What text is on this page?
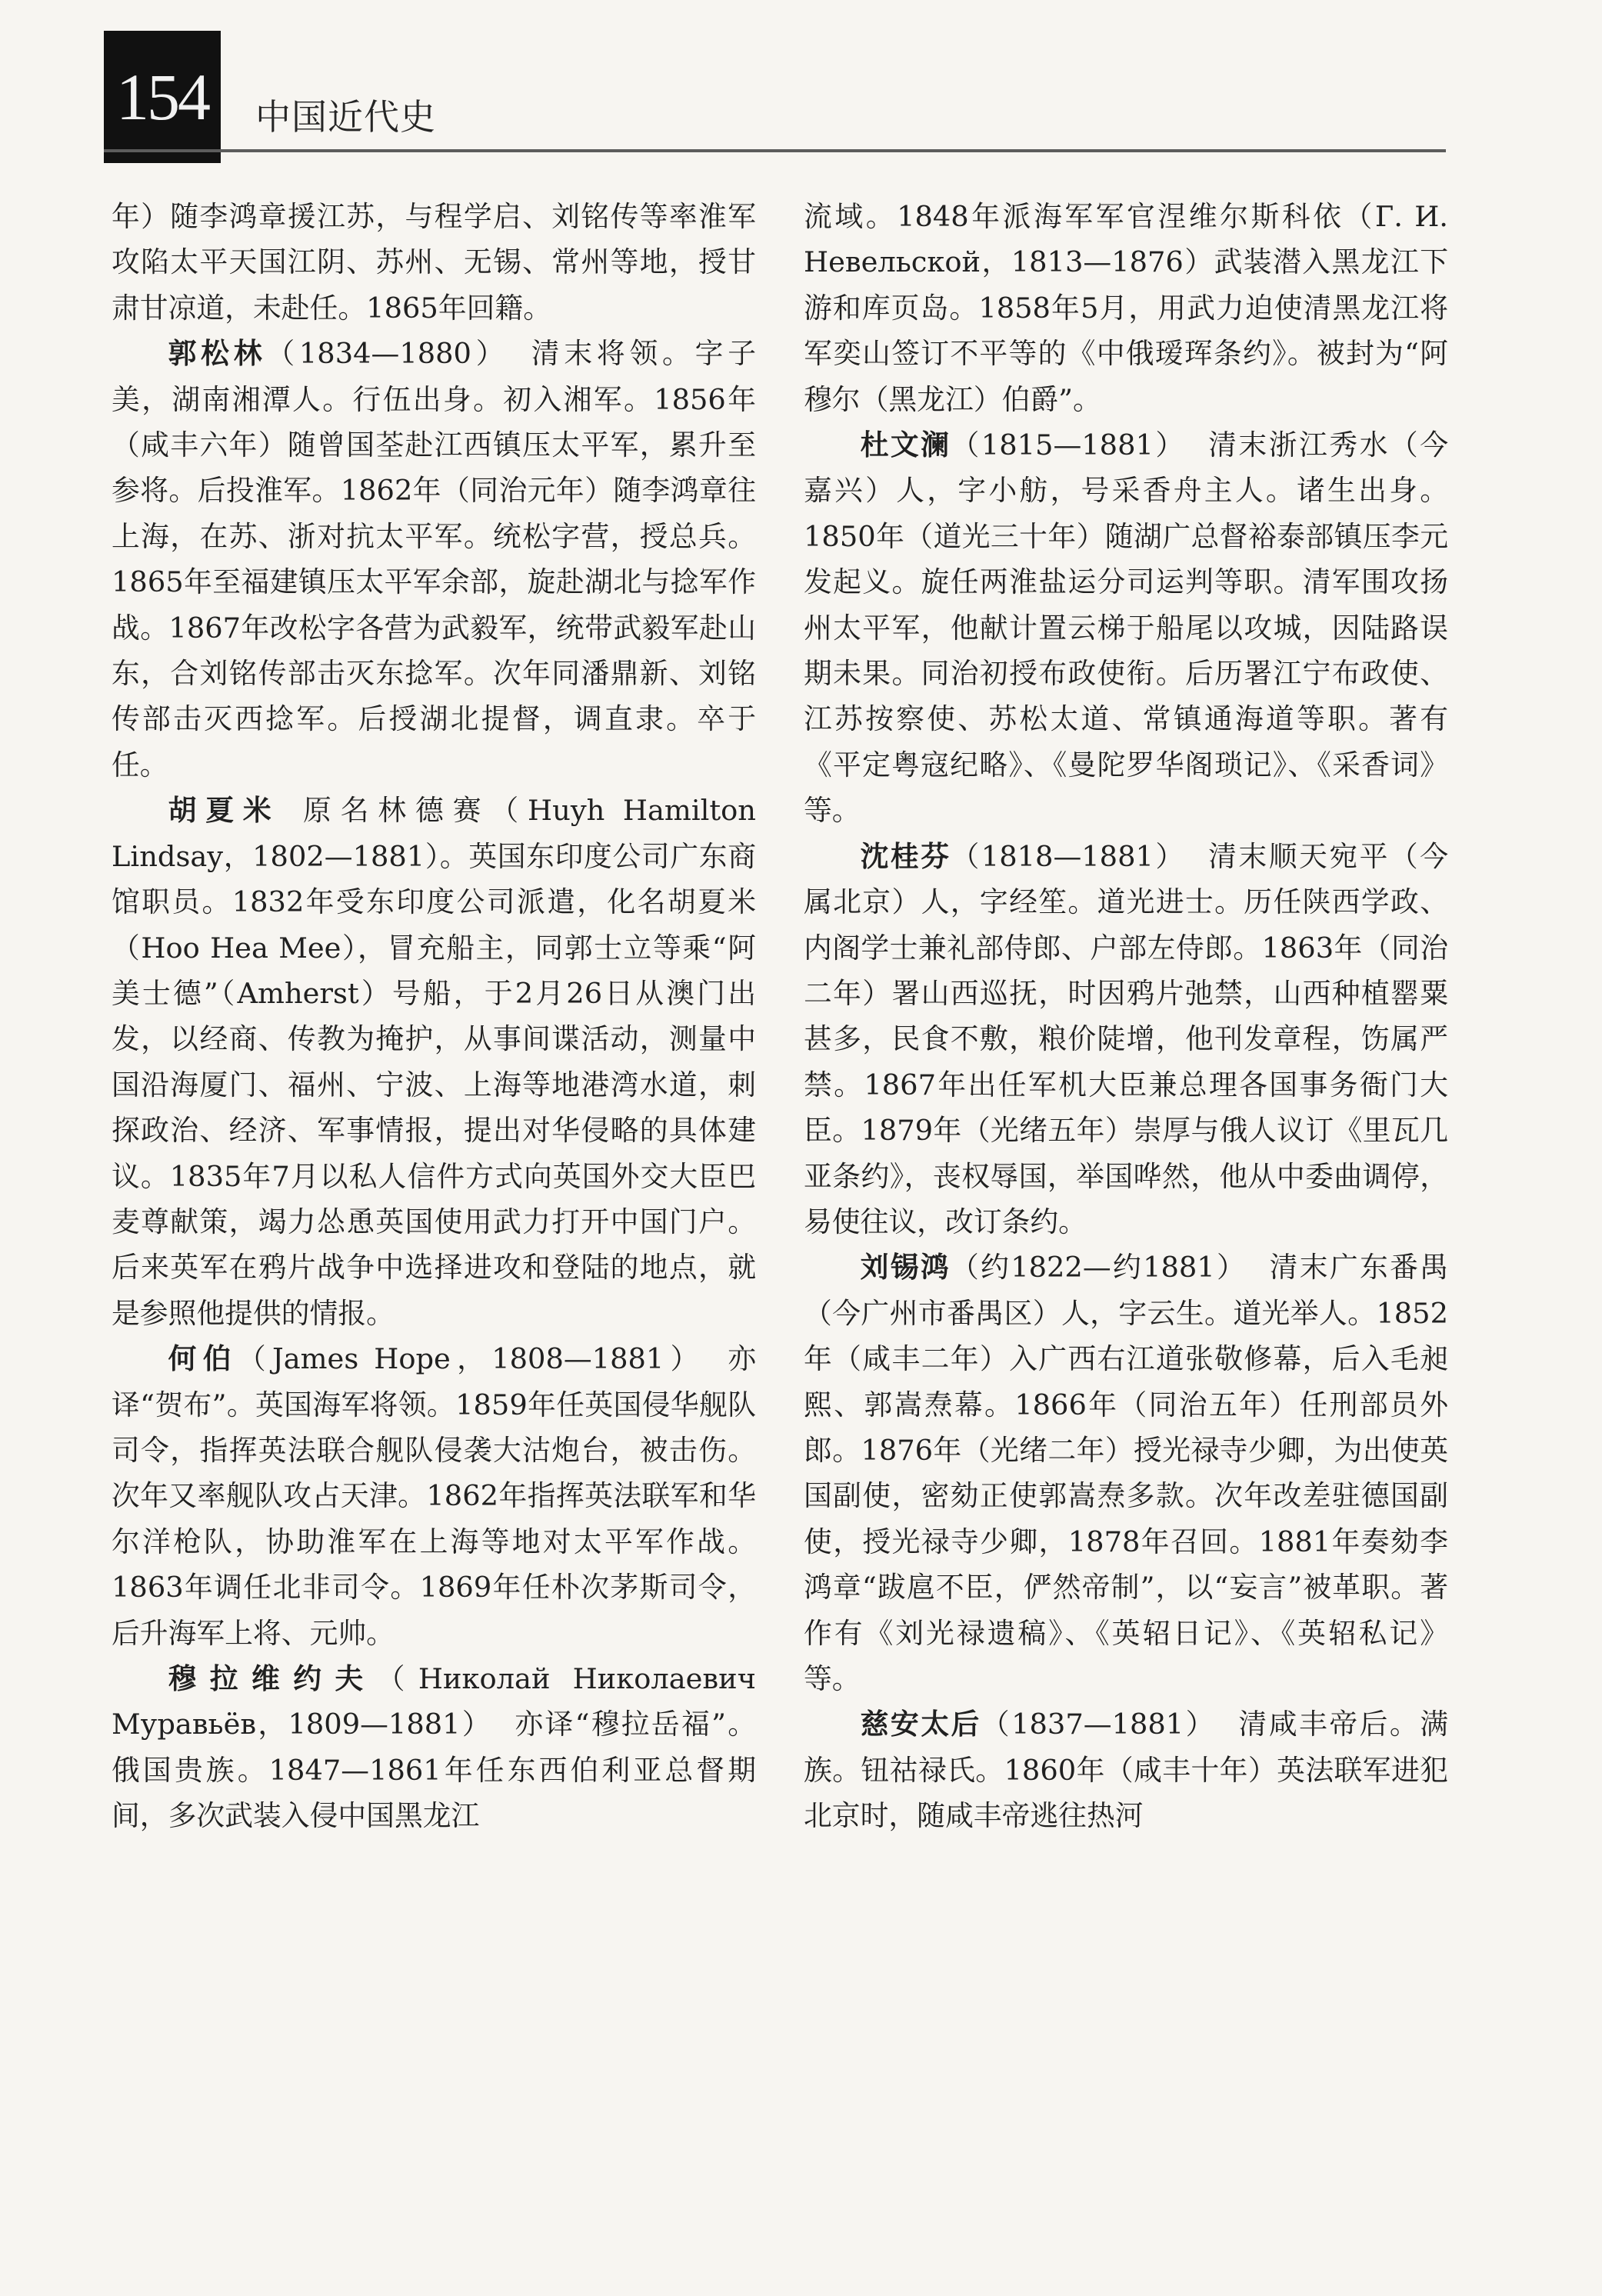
154	中国近代史

年）随李鸿章援江苏，与程学启、刘铭传等率淮军攻陷太平天国江阴、苏州、无锡、常州等地，授甘肃甘凉道，未赴任。1865年回籍。

郭松林（1834—1880） 清末将领。字子美，湖南湘潭人。行伍出身。初入湘军。1856年（咸丰六年）随曾国荃赴江西镇压太平军，累升至参将。后投淮军。1862年（同治元年）随李鸿章往上海，在苏、浙对抗太平军。统松字营，授总兵。1865年至福建镇压太平军余部，旋赴湖北与捻军作战。1867年改松字各营为武毅军，统带武毅军赴山东，合刘铭传部击灭东捻军。次年同潘鼎新、刘铭传部击灭西捻军。后授湖北提督，调直隶。卒于任。

胡夏米 原名林德赛（Huyh Hamilton Lindsay，1802—1881）。英国东印度公司广东商馆职员。1832年受东印度公司派遣，化名胡夏米（Hoo Hea Mee），冒充船主，同郭士立等乘“阿美士德”（Amherst）号船，于2月26日从澳门出发，以经商、传教为掩护，从事间谍活动，测量中国沿海厦门、福州、宁波、上海等地港湾水道，刺探政治、经济、军事情报，提出对华侵略的具体建议。1835年7月以私人信件方式向英国外交大臣巴麦尊献策，竭力怂恿英国使用武力打开中国门户。后来英军在鸦片战争中选择进攻和登陆的地点，就是参照他提供的情报。

何伯（James Hope，1808—1881） 亦译“贺布”。英国海军将领。1859年任英国侵华舰队司令，指挥英法联合舰队侵袭大沽炮台，被击伤。次年又率舰队攻占天津。1862年指挥英法联军和华尔洋枪队，协助淮军在上海等地对太平军作战。1863年调任北非司令。1869年任朴次茅斯司令，后升海军上将、元帅。

穆拉维约夫（Николай Николаевич Муравьёв，1809—1881） 亦译“穆拉岳福”。俄国贵族。1847—1861年任东西伯利亚总督期间，多次武装入侵中国黑龙江

流域。1848年派海军军官涅维尔斯科依（Г. И. Невельской，1813—1876）武装潜入黑龙江下游和库页岛。1858年5月，用武力迫使清黑龙江将军奕山签订不平等的《中俄瑷珲条约》。被封为“阿穆尔（黑龙江）伯爵”。

杜文澜（1815—1881） 清末浙江秀水（今嘉兴）人，字小舫，号采香舟主人。诸生出身。1850年（道光三十年）随湖广总督裕泰部镇压李元发起义。旋任两淮盐运分司运判等职。清军围攻扬州太平军，他献计置云梯于船尾以攻城，因陆路误期未果。同治初授布政使衔。后历署江宁布政使、江苏按察使、苏松太道、常镇通海道等职。著有《平定粤寇纪略》、《曼陀罗华阁琐记》、《采香词》等。

沈桂芬（1818—1881） 清末顺天宛平（今属北京）人，字经笙。道光进士。历任陕西学政、内阁学士兼礼部侍郎、户部左侍郎。1863年（同治二年）署山西巡抚，时因鸦片弛禁，山西种植罂粟甚多，民食不敷，粮价陡增，他刊发章程，饬属严禁。1867年出任军机大臣兼总理各国事务衙门大臣。1879年（光绪五年）崇厚与俄人议订《里瓦几亚条约》，丧权辱国，举国哗然，他从中委曲调停，易使往议，改订条约。

刘锡鸿（约1822—约1881） 清末广东番禺（今广州市番禺区）人，字云生。道光举人。1852年（咸丰二年）入广西右江道张敬修幕，后入毛昶熙、郭嵩焘幕。1866年（同治五年）任刑部员外郎。1876年（光绪二年）授光禄寺少卿，为出使英国副使，密劾正使郭嵩焘多款。次年改差驻德国副使，授光禄寺少卿，1878年召回。1881年奏劾李鸿章“跋扈不臣，俨然帝制”，以“妄言”被革职。著作有《刘光禄遗稿》、《英轺日记》、《英轺私记》等。

慈安太后（1837—1881） 清咸丰帝后。满族。钮祜禄氏。1860年（咸丰十年）英法联军进犯北京时，随咸丰帝逃往热河
